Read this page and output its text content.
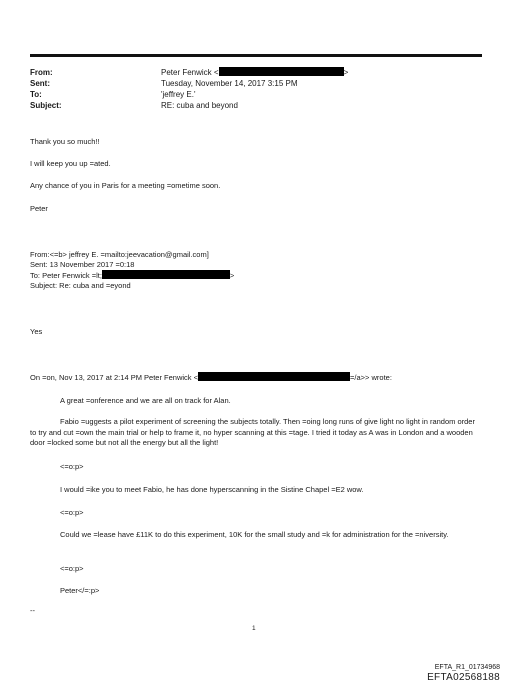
From:	Peter Fenwick <	>
Sent:	Tuesday, November 14, 2017 3:15 PM
To:	'jeffrey E.'
Subject:	RE: cuba and beyond
Thank you so much!!
I will keep you up =ated.
Any chance of you in Paris for a meeting =ometime soon.
Peter
From:<=b> jeffrey E. =mailto:jeevacation@gmail.com]
Sent: 13 November 2017 =0:18
To: Peter Fenwick =lt;	>
Subject: Re: cuba and =eyond
Yes
On =on, Nov 13, 2017 at 2:14 PM Peter Fenwick <	=/a>> wrote:
A great =onference and we are all on track for Alan.
Fabio =uggests a pilot experiment of screening the subjects totally. Then =oing long runs of give light no light in random order to try and cut =own the main trial or help to frame it, no hyper scanning at this =tage. I tried it today as A was in London and a wooden door =locked some but not all the energy but all the light!
<=o:p>
I would =ike you to meet Fabio, he has done hyperscanning in the Sistine Chapel =E2 wow.
<=o:p>
Could we =lease have £11K to do this experiment, 10K for the small study and =k for administration for the =niversity.
<=o:p>
Peter</=:p>
--
1
EFTA_R1_01734968
EFTA02568188
